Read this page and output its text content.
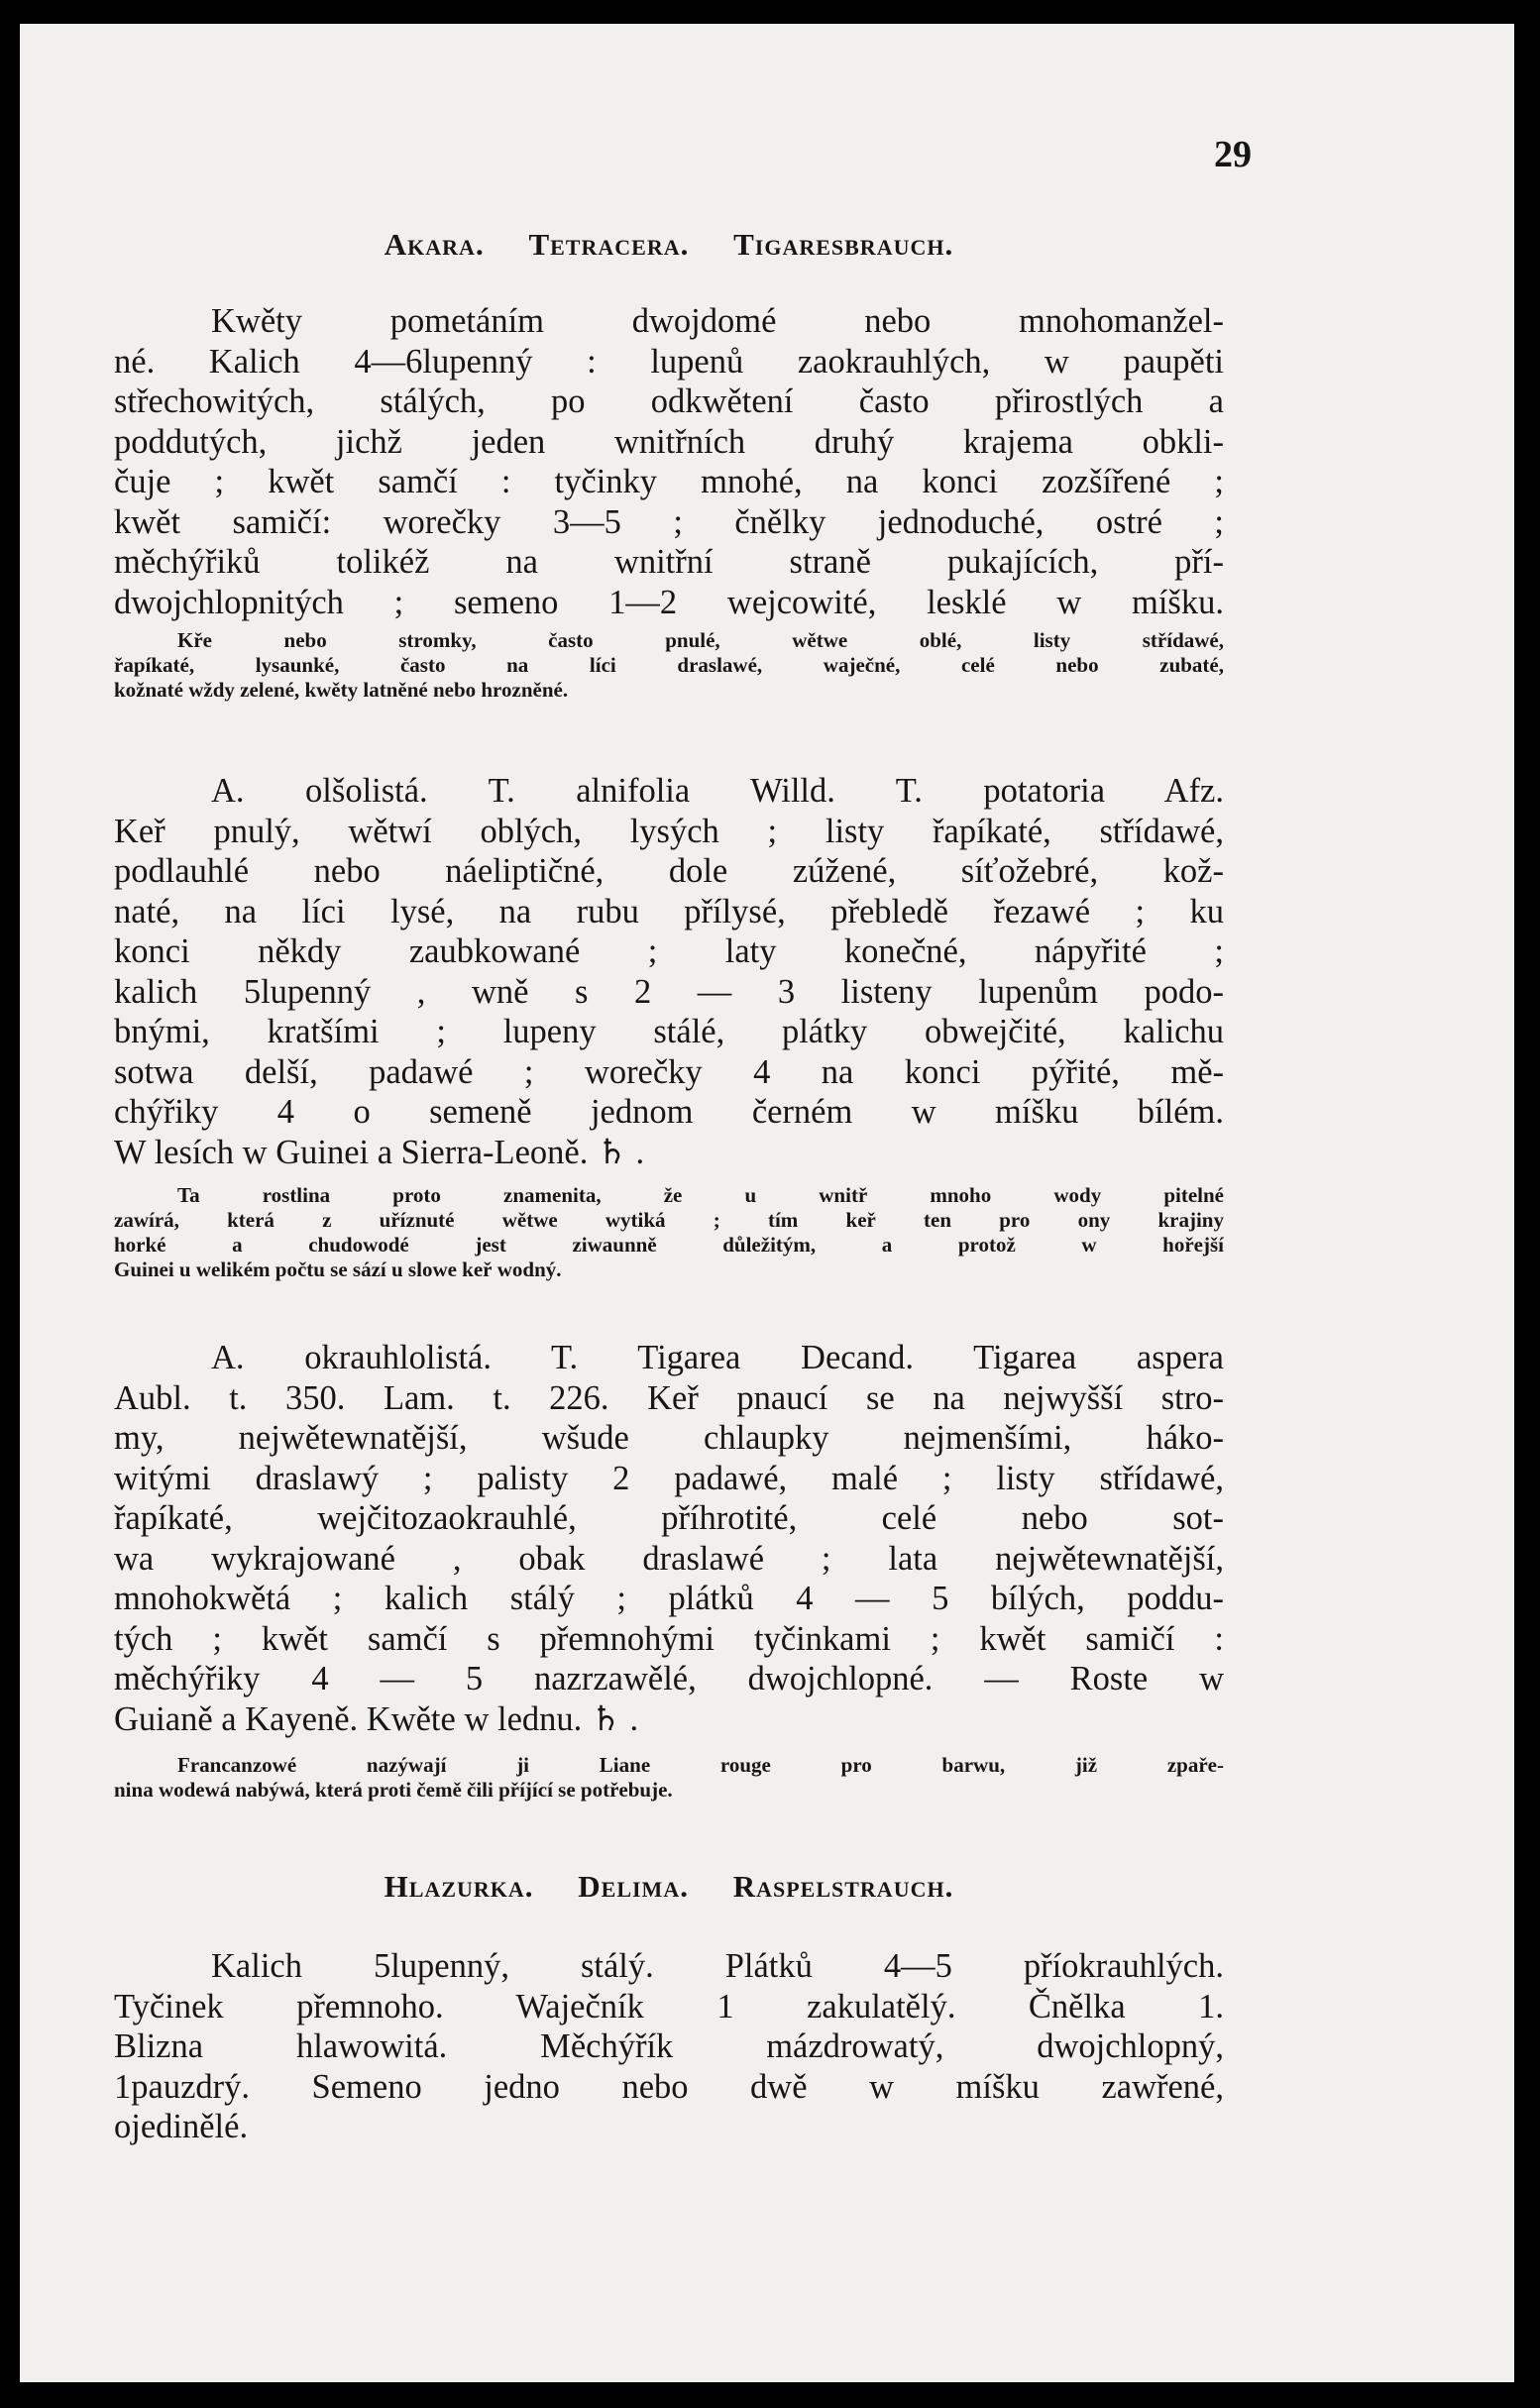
29
Akara. Tetracera. Tigaresbrauch.
Kwěty pometáním dwojdomé nebo mnohomanžel-
né. Kalich 4—6lupenný : lupenů zaokrauhlých, w paupěti
střechowitých, stálých, po odkwětení často přirostlých a
poddutých, jichž jeden wnitřních druhý krajema obkli-
čuje ; kwět samčí : tyčinky mnohé, na konci zozšířené ;
kwět samičí: worečky 3—5 ; čnělky jednoduché, ostré ;
měchýřiků tolikéž na wnitřní straně pukajících, pří-
dwojchlopnitých ; semeno 1—2 wejcowité, lesklé w míšku.
Kře nebo stromky, často pnulé, wětwe oblé, listy střídawé,
řapíkaté, lysaunké, často na líci draslawé, waječné, celé nebo zubaté,
kožnaté wždy zelené, kwěty latněné nebo hrozněné.
A. olšolistá. T. alnifolia Willd. T. potatoria Afz.
Keř pnulý, wětwí oblých, lysých ; listy řapíkaté, střídawé,
podlauhlé nebo náeliptičné, dole zúžené, síťožebré, kož-
naté, na líci lysé, na rubu přílysé, přebledě řezawé ; ku
konci někdy zaubkowané ; laty konečné, nápyřité ;
kalich 5lupenný , wně s 2 — 3 listeny lupenům podo-
bnými, kratšími ; lupeny stálé, plátky obwejčité, kalichu
sotwa delší, padawé ; worečky 4 na konci pýřité, mě-
chýřiky 4 o semeně jednom černém w míšku bílém.
W lesích w Guinei a Sierra-Leoně. ♄ .
Ta rostlina proto znamenita, že u wnitř mnoho wody pitelné
zawírá, která z uříznuté wětwe wytiká ; tím keř ten pro ony krajiny
horké a chudowodé jest ziwaunně důležitým, a protož w hořejší
Guinei u welikém počtu se sází u slowe keř wodný.
A. okrauhlolistá. T. Tigarea Decand. Tigarea aspera
Aubl. t. 350. Lam. t. 226. Keř pnaucí se na nejwyšší stro-
my, nejwětewnatější, wšude chlaupky nejmenšími, háko-
witými draslawý ; palisty 2 padawé, malé ; listy střídawé,
řapíkaté, wejčitozaokrauhlé, příhrotité, celé nebo sot-
wa wykrajowané , obak draslawé ; lata nejwětewnatější,
mnohokwětá ; kalich stálý ; plátků 4 — 5 bílých, poddu-
tých ; kwět samčí s přemnohými tyčinkami ; kwět samičí :
měchýřiky 4 — 5 nazrzawělé, dwojchlopné. — Roste w
Guianě a Kayeně. Kwěte w lednu. ♄ .
Francanzowé nazýwají ji Liane rouge pro barwu, již zpaře-
nina wodewá nabýwá, která proti čemě čili příjící se potřebuje.
Hlazurka. Delima. Raspelstrauch.
Kalich 5lupenný, stálý. Plátků 4—5 příokrauhlých.
Tyčinek přemnoho. Waječník 1 zakulatělý. Čnělka 1.
Blizna hlawowitá. Měchýřík mázdrowatý, dwojchlopný,
1pauzdrý. Semeno jedno nebo dwě w míšku zawřené,
ojedinělé.
